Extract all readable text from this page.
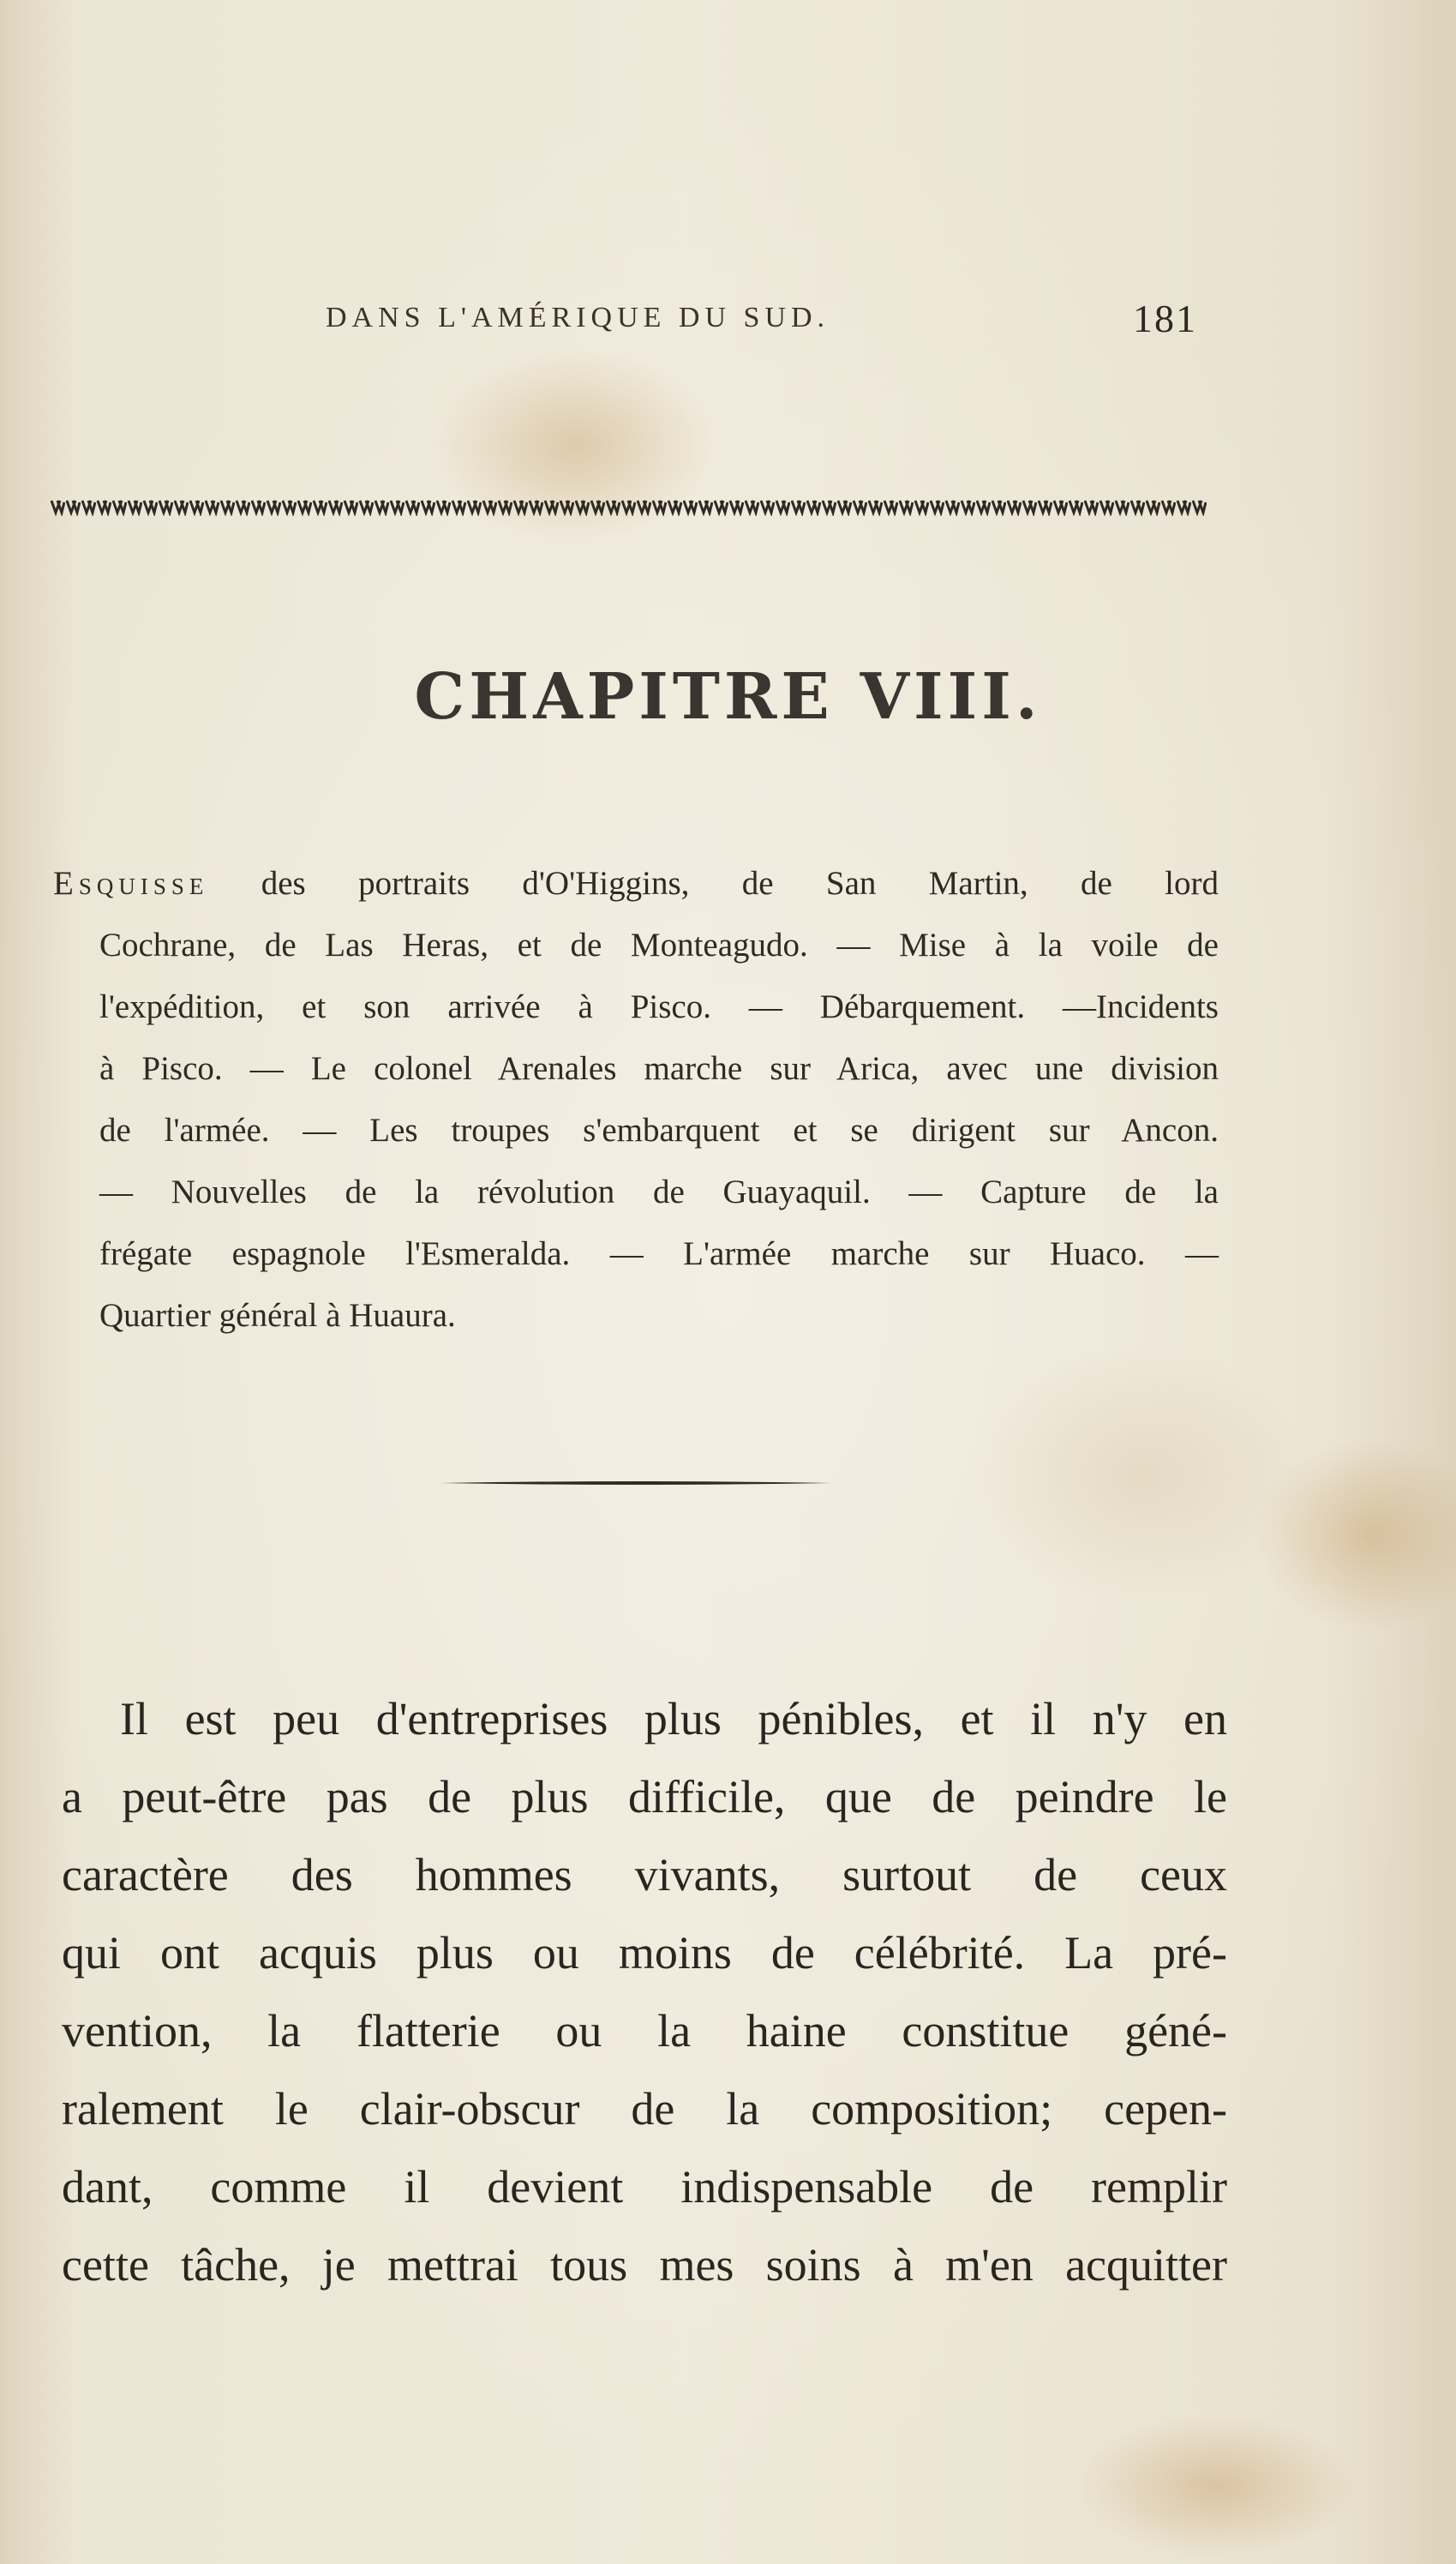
DANS L'AMÉRIQUE DU SUD.	181
CHAPITRE VIII.
Esquisse des portraits d'O'Higgins, de San Martin, de lord
Cochrane, de Las Heras, et de Monteagudo. — Mise à la voile de
l'expédition, et son arrivée à Pisco. — Débarquement. —Incidents
à Pisco. — Le colonel Arenales marche sur Arica, avec une division
de l'armée. — Les troupes s'embarquent et se dirigent sur Ancon.
— Nouvelles de la révolution de Guayaquil. — Capture de la
frégate espagnole l'Esmeralda. — L'armée marche sur Huaco. —
Quartier général à Huaura.
Il est peu d'entreprises plus pénibles, et il n'y en
a peut-être pas de plus difficile, que de peindre le
caractère des hommes vivants, surtout de ceux
qui ont acquis plus ou moins de célébrité. La pré-
vention, la flatterie ou la haine constitue géné-
ralement le clair-obscur de la composition; cepen-
dant, comme il devient indispensable de remplir
cette tâche, je mettrai tous mes soins à m'en acquitter
